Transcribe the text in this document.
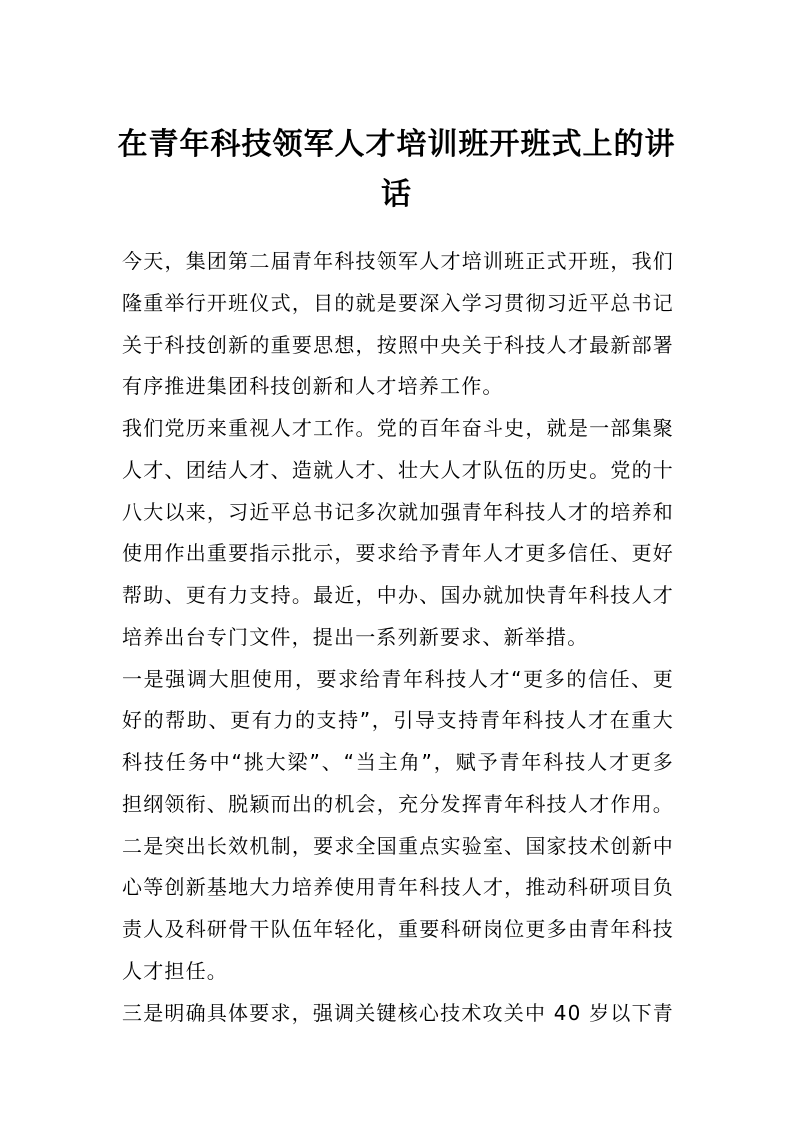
在青年科技领军人才培训班开班式上的讲
话
今天，集团第二届青年科技领军人才培训班正式开班，我们
隆重举行开班仪式，目的就是要深入学习贯彻习近平总书记
关于科技创新的重要思想，按照中央关于科技人才最新部署
有序推进集团科技创新和人才培养工作。
我们党历来重视人才工作。党的百年奋斗史，就是一部集聚
人才、团结人才、造就人才、壮大人才队伍的历史。党的十
八大以来，习近平总书记多次就加强青年科技人才的培养和
使用作出重要指示批示，要求给予青年人才更多信任、更好
帮助、更有力支持。最近，中办、国办就加快青年科技人才
培养出台专门文件，提出一系列新要求、新举措。
一是强调大胆使用，要求给青年科技人才“更多的信任、更
好的帮助、更有力的支持”，引导支持青年科技人才在重大
科技任务中“挑大梁”、“当主角”，赋予青年科技人才更多
担纲领衔、脱颖而出的机会，充分发挥青年科技人才作用。
二是突出长效机制，要求全国重点实验室、国家技术创新中
心等创新基地大力培养使用青年科技人才，推动科研项目负
责人及科研骨干队伍年轻化，重要科研岗位更多由青年科技
人才担任。
三是明确具体要求，强调关键核心技术攻关中 40 岁以下青
